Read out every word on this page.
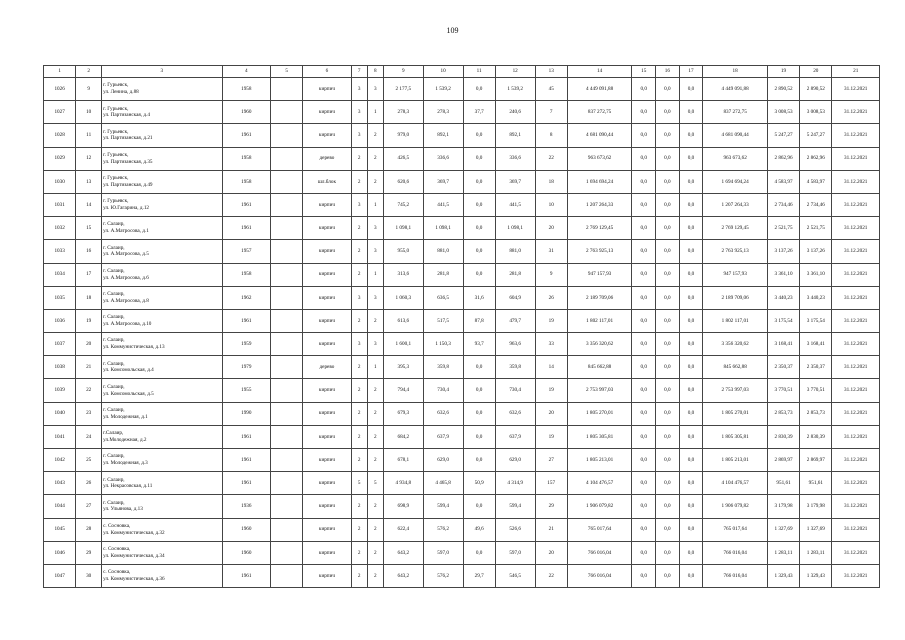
109
1	2	3	4	5	6	7	8	9	10	11	12	13	14	15	16	17	18	19	20	21
1026	9	г. Гурьевск,
ул. Ленина, д.88	1958		кирпич	3	3	2 177,5	1 539,2	0,0	1 539,2	45	4 449 091,88	0,0	0,0	0,0	4 449 091,88	2 890,52	2 890,52	31.12.2021
1027	10	г. Гурьевск,
ул. Партизанская, д.4	1960		кирпич	3	1	278,3	278,3	37,7	240,6	7	837 272,75	0,0	0,0	0,0	837 272,75	3 008,53	3 008,53	31.12.2021
1028	11	г. Гурьевск,
ул. Партизанская, д.21	1961		кирпич	3	2	979,0	892,1	0,0	892,1	8	4 681 090,44	0,0	0,0	0,0	4 681 090,44	5 247,27	5 247,27	31.12.2021
1029	12	г. Гурьевск,
ул. Партизанская, д.35	1958		дерево	2	2	426,5	336,6	0,0	336,6	22	963 673,62	0,0	0,0	0,0	963 673,62	2 862,96	2 862,96	31.12.2021
1030	13	г. Гурьевск,
ул. Партизанская, д.49	1958		шл.блок	2	2	620,6	369,7	0,0	369,7	18	1 694 694,24	0,0	0,0	0,0	1 694 694,24	4 583,97	4 583,97	31.12.2021
1031	14	г. Гурьевск,
ул. Ю.Гагарина, д.12	1961		кирпич	3	1	745,2	441,5	0,0	441,5	10	1 207 264,33	0,0	0,0	0,0	1 207 264,33	2 734,46	2 734,46	31.12.2021
1032	15	г. Салаир,
ул. А.Матросова, д.1	1961		кирпич	2	3	1 098,1	1 098,1	0,0	1 098,1	20	2 769 129,45	0,0	0,0	0,0	2 769 129,45	2 521,75	2 521,75	31.12.2021
1033	16	г. Салаир,
ул. А.Матросова, д.5	1957		кирпич	2	3	955,0	881,0	0,0	881,0	31	2 763 925,13	0,0	0,0	0,0	2 763 925,13	3 137,26	3 137,26	31.12.2021
1034	17	г. Салаир,
ул. А.Матросова, д.6	1958		кирпич	2	1	313,6	281,8	0,0	281,8	9	947 157,93	0,0	0,0	0,0	947 157,93	3 361,10	3 361,10	31.12.2021
1035	18	г. Салаир,
ул. А.Матросова, д.8	1962		кирпич	3	3	1 060,3	636,5	31,6	604,9	26	2 189 709,06	0,0	0,0	0,0	2 189 709,06	3 440,23	3 440,23	31.12.2021
1036	19	г. Салаир,
ул. А.Матросова, д.10	1961		кирпич	2	2	613,6	517,5	87,8	479,7	19	1 802 117,01	0,0	0,0	0,0	1 802 117,01	3 175,54	3 175,54	31.12.2021
1037	20	г. Салаир,
ул. Коммунистическая, д.13	1959		кирпич	3	3	1 600,1	1 150,3	93,7	963,6	33	3 356 320,62	0,0	0,0	0,0	3 356 320,62	3 168,41	3 168,41	31.12.2021
1038	21	г. Салаир,
ул. Комсомольская, д.4	1979		дерево	2	1	395,3	359,8	0,0	359,8	14	845 662,88	0,0	0,0	0,0	845 662,88	2 350,37	2 350,37	31.12.2021
1039	22	г. Салаир,
ул. Комсомольская, д.5	1955		кирпич	2	2	794,4	730,4	0,0	730,4	19	2 753 997,03	0,0	0,0	0,0	2 753 997,03	3 770,51	3 770,51	31.12.2021
1040	23	г. Салаир,
ул. Молодежная, д.1	1990		кирпич	2	2	679,3	632,6	0,0	632,6	20	1 805 270,01	0,0	0,0	0,0	1 805 270,01	2 853,73	2 853,73	31.12.2021
1041	24	г.Салаир,
ул.Молодежная, д.2	1961		кирпич	2	2	684,2	637,9	0,0	637,9	19	1 805 305,81	0,0	0,0	0,0	1 805 305,81	2 830,39	2 830,39	31.12.2021
1042	25	г. Салаир,
ул. Молодежная, д.3	1961		кирпич	2	2	678,1	629,0	0,0	629,0	27	1 805 213,01	0,0	0,0	0,0	1 805 213,01	2 869,97	2 869,97	31.12.2021
1043	26	г. Салаир,
ул. Некрасовская, д.11	1961		кирпич	5	5	4 934,8	4 465,8	50,9	4 314,9	157	4 104 476,57	0,0	0,0	0,0	4 104 476,57	951,61	951,61	31.12.2021
1044	27	г. Салаир,
ул. Ульянова, д.13	1936		кирпич	2	2	698,9	599,4	0,0	599,4	29	1 906 079,82	0,0	0,0	0,0	1 906 079,82	3 179,98	3 179,98	31.12.2021
1045	28	с. Сосновка,
ул. Коммунистическая, д.32	1960		кирпич	2	2	622,4	576,2	49,6	526,6	21	765 017,64	0,0	0,0	0,0	765 017,64	1 327,69	1 327,69	31.12.2021
1046	29	с. Сосновка,
ул. Коммунистическая, д.34	1960		кирпич	2	2	643,2	597,0	0,0	597,0	20	766 016,04	0,0	0,0	0,0	766 016,04	1 283,11	1 283,11	31.12.2021
1047	30	с. Сосновка,
ул. Коммунистическая, д.36	1961		кирпич	2	2	643,2	576,2	29,7	546,5	22	766 016,04	0,0	0,0	0,0	766 016,04	1 329,43	1 329,43	31.12.2021
